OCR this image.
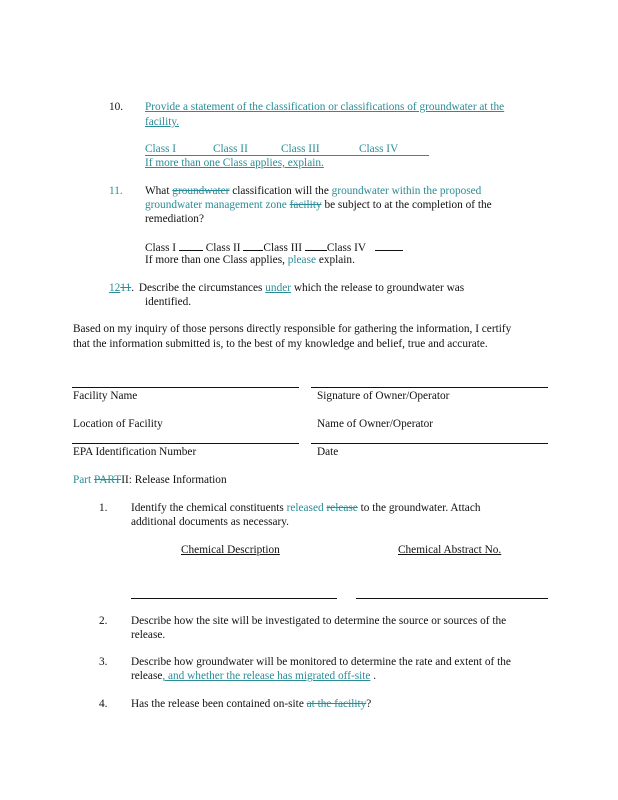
10. Provide a statement of the classification or classifications of groundwater at the
facility.
Class I	Class II	Class III	Class IV
If more than one Class applies, explain.
11. What groundwater classification will the groundwater within the proposed
groundwater management zone facility be subject to at the completion of the
remediation?
Class I	Class II Class III Class IV
If more than one Class applies, please explain.
1211. Describe the circumstances under which the release to groundwater was
identified.
Based on my inquiry of those persons directly responsible for gathering the information, I certify
that the information submitted is, to the best of my knowledge and belief, true and accurate.
Facility Name	Signature of Owner/Operator
Location of Facility	Name of Owner/Operator
EPA Identification Number	Date
Part PARTII: Release Information
1. Identify the chemical constituents released release to the groundwater. Attach
additional documents as necessary.
Chemical Description	Chemical Abstract No.
2. Describe how the site will be investigated to determine the source or sources of the
release.
3. Describe how groundwater will be monitored to determine the rate and extent of the
release, and whether the release has migrated off-site .
4. Has the release been contained on-site at the facility?
